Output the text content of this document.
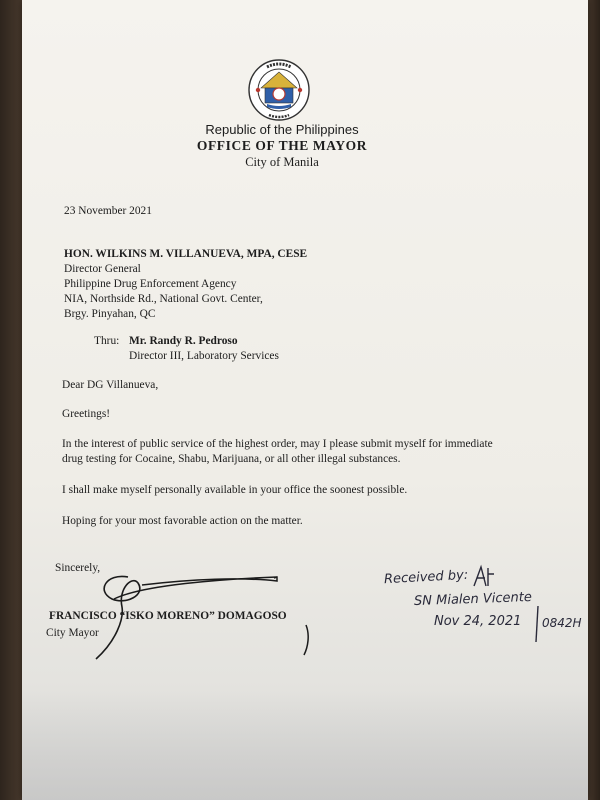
Republic of the Philippines
OFFICE OF THE MAYOR
City of Manila
23 November 2021
HON. WILKINS M. VILLANUEVA, MPA, CESE
Director General
Philippine Drug Enforcement Agency
NIA, Northside Rd., National Govt. Center,
Brgy. Pinyahan, QC
Thru: Mr. Randy R. Pedroso
Director III, Laboratory Services
Dear DG Villanueva,
Greetings!
In the interest of public service of the highest order, may I please submit myself for immediate
drug testing for Cocaine, Shabu, Marijuana, or all other illegal substances.
I shall make myself personally available in your office the soonest possible.
Hoping for your most favorable action on the matter.
Sincerely,
FRANCISCO “ISKO MORENO” DOMAGOSO
City Mayor
Received by:
SN Mialen Vicente
Nov 24, 2021 0842H
